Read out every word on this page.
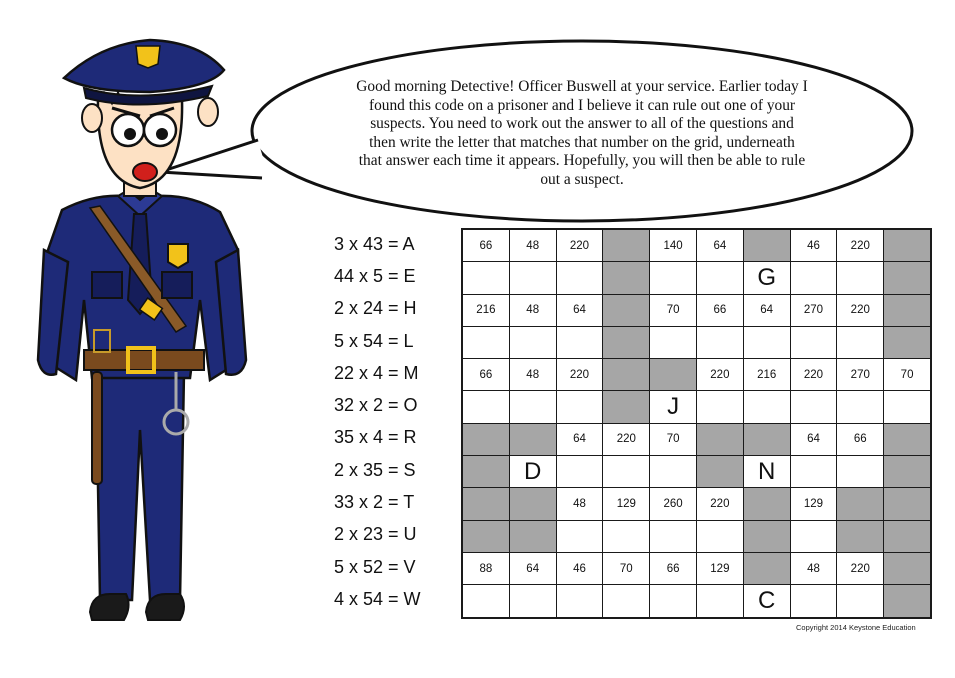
Good morning Detective! Officer Buswell at your service. Earlier today I
found this code on a prisoner and I believe it can rule out one of your
suspects. You need to work out the answer to all of the questions and
then write the letter that matches that number on the grid, underneath
that answer each time it appears. Hopefully, you will then be able to rule
out a suspect.
3 x 43 = A
44 x 5 = E
2 x 24 = H
5 x 54 = L
22 x 4 = M
32 x 2 = O
35 x 4 = R
2 x 35 = S
33 x 2 = T
2 x 23 = U
5 x 52 = V
4 x 54 = W
66	48	220		140	64		46	220	
						G			
216	48	64		70	66	64	270	220	

66	48	220			220	216	220	270	70
				J					
		64	220	70			64	66	
	D					N			
		48	129	260	220		129		

88	64	46	70	66	129		48	220	
						C			
Copyright 2014 Keystone Education
